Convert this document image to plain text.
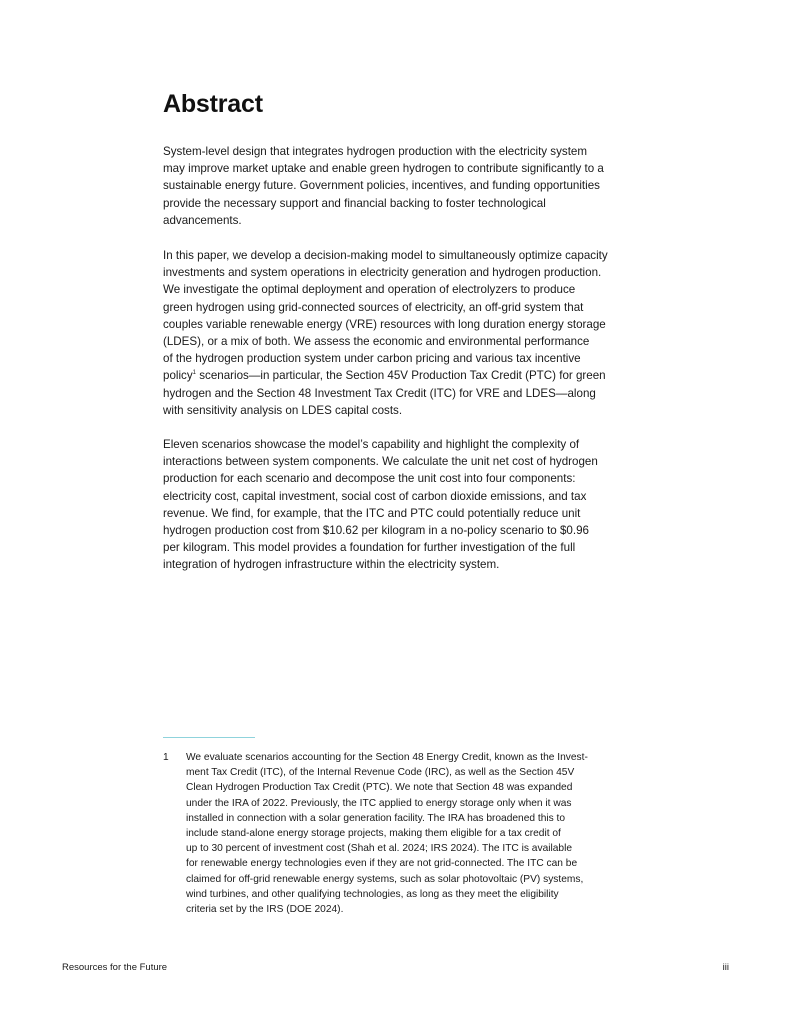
Abstract
System-level design that integrates hydrogen production with the electricity system
may improve market uptake and enable green hydrogen to contribute significantly to a
sustainable energy future. Government policies, incentives, and funding opportunities
provide the necessary support and financial backing to foster technological
advancements.
In this paper, we develop a decision-making model to simultaneously optimize capacity
investments and system operations in electricity generation and hydrogen production.
We investigate the optimal deployment and operation of electrolyzers to produce
green hydrogen using grid-connected sources of electricity, an off-grid system that
couples variable renewable energy (VRE) resources with long duration energy storage
(LDES), or a mix of both. We assess the economic and environmental performance
of the hydrogen production system under carbon pricing and various tax incentive
policy$^1$ scenarios—in particular, the Section 45V Production Tax Credit (PTC) for green
hydrogen and the Section 48 Investment Tax Credit (ITC) for VRE and LDES—along
with sensitivity analysis on LDES capital costs.
Eleven scenarios showcase the model’s capability and highlight the complexity of
interactions between system components. We calculate the unit net cost of hydrogen
production for each scenario and decompose the unit cost into four components:
electricity cost, capital investment, social cost of carbon dioxide emissions, and tax
revenue. We find, for example, that the ITC and PTC could potentially reduce unit
hydrogen production cost from $10.62 per kilogram in a no-policy scenario to $0.96
per kilogram. This model provides a foundation for further investigation of the full
integration of hydrogen infrastructure within the electricity system.
1 We evaluate scenarios accounting for the Section 48 Energy Credit, known as the Invest-
ment Tax Credit (ITC), of the Internal Revenue Code (IRC), as well as the Section 45V
Clean Hydrogen Production Tax Credit (PTC). We note that Section 48 was expanded
under the IRA of 2022. Previously, the ITC applied to energy storage only when it was
installed in connection with a solar generation facility. The IRA has broadened this to
include stand-alone energy storage projects, making them eligible for a tax credit of
up to 30 percent of investment cost (Shah et al. 2024; IRS 2024). The ITC is available
for renewable energy technologies even if they are not grid-connected. The ITC can be
claimed for off-grid renewable energy systems, such as solar photovoltaic (PV) systems,
wind turbines, and other qualifying technologies, as long as they meet the eligibility
criteria set by the IRS (DOE 2024).
Resources for the Future	iii
